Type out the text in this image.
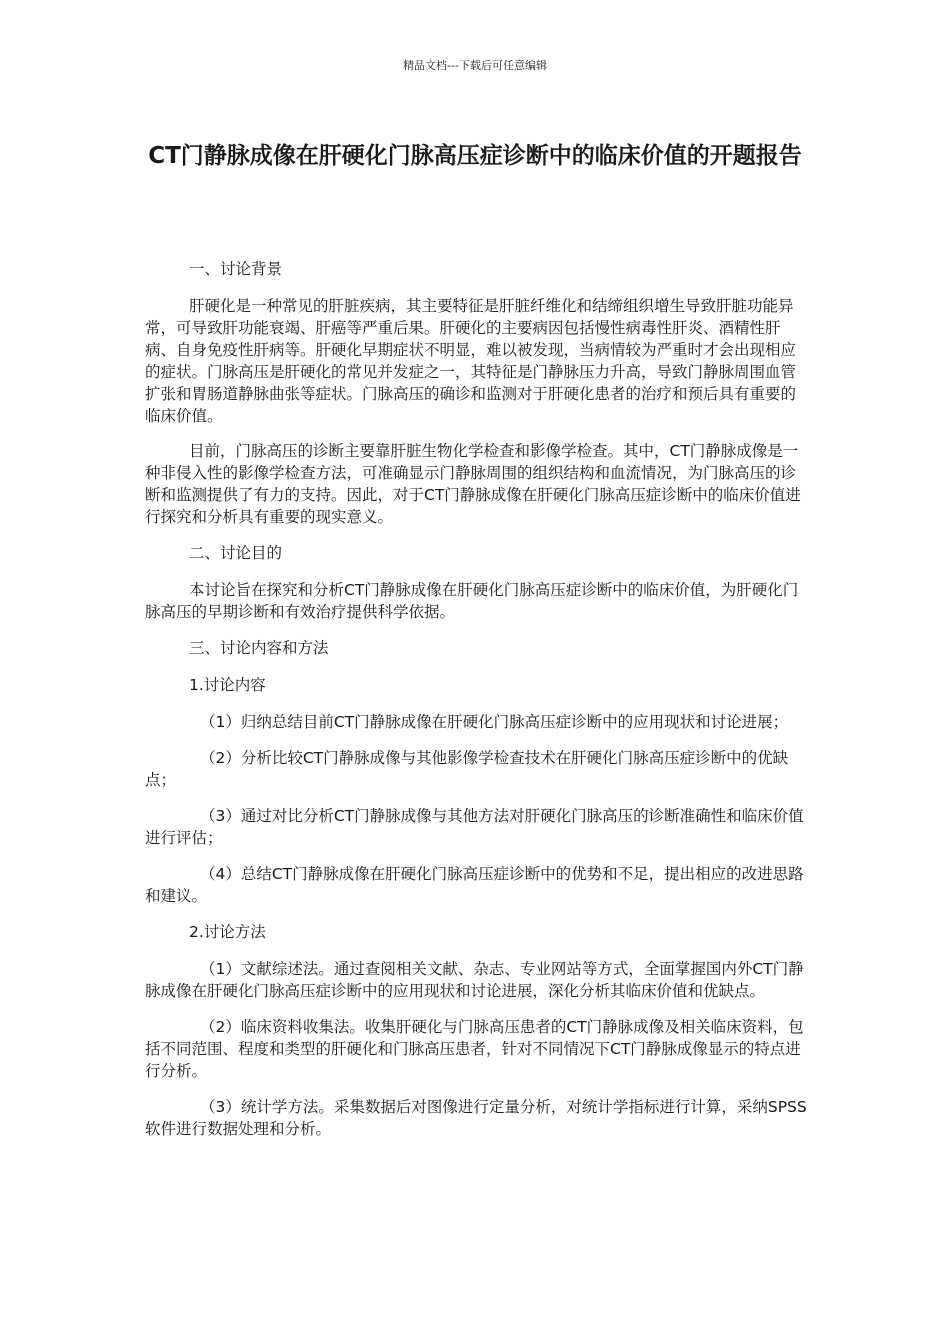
精品文档---下载后可任意编辑
CT门静脉成像在肝硬化门脉高压症诊断中的临床价值的开题报告

一、讨论背景

肝硬化是一种常见的肝脏疾病，其主要特征是肝脏纤维化和结缔组织增生导致肝脏功能异常，可导致肝功能衰竭、肝癌等严重后果。肝硬化的主要病因包括慢性病毒性肝炎、酒精性肝病、自身免疫性肝病等。肝硬化早期症状不明显，难以被发现，当病情较为严重时才会出现相应的症状。门脉高压是肝硬化的常见并发症之一，其特征是门静脉压力升高，导致门静脉周围血管扩张和胃肠道静脉曲张等症状。门脉高压的确诊和监测对于肝硬化患者的治疗和预后具有重要的临床价值。

目前，门脉高压的诊断主要靠肝脏生物化学检查和影像学检查。其中，CT门静脉成像是一种非侵入性的影像学检查方法，可准确显示门静脉周围的组织结构和血流情况，为门脉高压的诊断和监测提供了有力的支持。因此，对于CT门静脉成像在肝硬化门脉高压症诊断中的临床价值进行探究和分析具有重要的现实意义。

二、讨论目的

本讨论旨在探究和分析CT门静脉成像在肝硬化门脉高压症诊断中的临床价值，为肝硬化门脉高压的早期诊断和有效治疗提供科学依据。

三、讨论内容和方法

1.讨论内容

（1）归纳总结目前CT门静脉成像在肝硬化门脉高压症诊断中的应用现状和讨论进展；

（2）分析比较CT门静脉成像与其他影像学检查技术在肝硬化门脉高压症诊断中的优缺点；

（3）通过对比分析CT门静脉成像与其他方法对肝硬化门脉高压的诊断准确性和临床价值进行评估；

（4）总结CT门静脉成像在肝硬化门脉高压症诊断中的优势和不足，提出相应的改进思路和建议。

2.讨论方法

（1）文献综述法。通过查阅相关文献、杂志、专业网站等方式，全面掌握国内外CT门静脉成像在肝硬化门脉高压症诊断中的应用现状和讨论进展，深化分析其临床价值和优缺点。

（2）临床资料收集法。收集肝硬化与门脉高压患者的CT门静脉成像及相关临床资料，包括不同范围、程度和类型的肝硬化和门脉高压患者，针对不同情况下CT门静脉成像显示的特点进行分析。

（3）统计学方法。采集数据后对图像进行定量分析，对统计学指标进行计算，采纳SPSS软件进行数据处理和分析。
